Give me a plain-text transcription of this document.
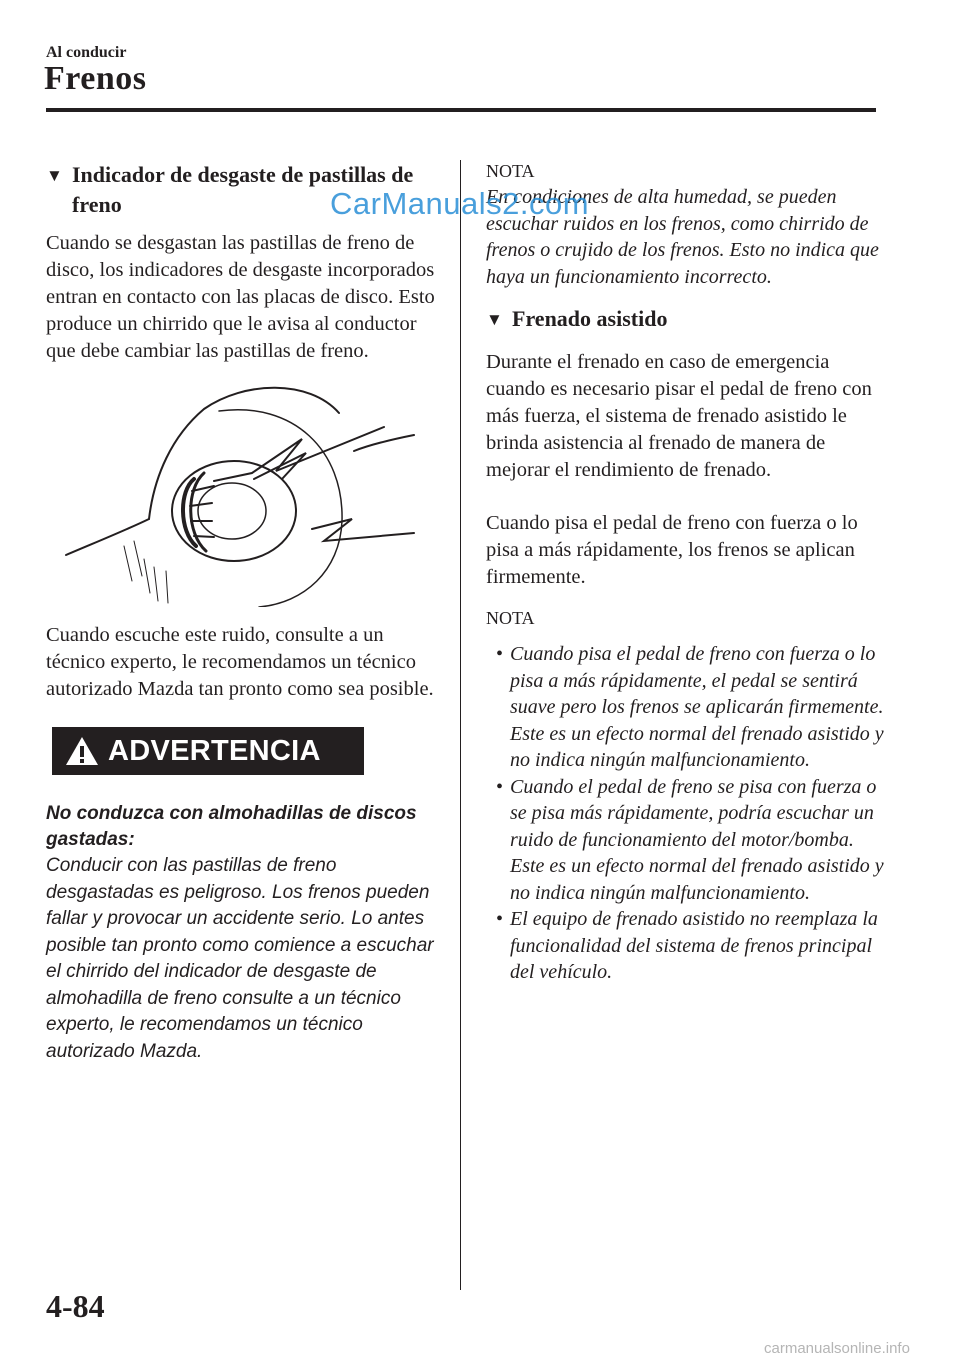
Al conducir
Frenos
▼ Indicador de desgaste de pastillas de freno

Cuando se desgastan las pastillas de freno de disco, los indicadores de desgaste incorporados entran en contacto con las placas de disco. Esto produce un chirrido que le avisa al conductor que debe cambiar las pastillas de freno.

Cuando escuche este ruido, consulte a un técnico experto, le recomendamos un técnico autorizado Mazda tan pronto como sea posible.

ADVERTENCIA

No conduzca con almohadillas de discos gastadas:

Conducir con las pastillas de freno desgastadas es peligroso. Los frenos pueden fallar y provocar un accidente serio. Lo antes posible tan pronto como comience a escuchar el chirrido del indicador de desgaste de almohadilla de freno consulte a un técnico experto, le recomendamos un técnico autorizado Mazda.

NOTA

En condiciones de alta humedad, se pueden escuchar ruidos en los frenos, como chirrido de frenos o crujido de los frenos. Esto no indica que haya un funcionamiento incorrecto.

▼ Frenado asistido

Durante el frenado en caso de emergencia cuando es necesario pisar el pedal de freno con más fuerza, el sistema de frenado asistido le brinda asistencia al frenado de manera de mejorar el rendimiento de frenado.

Cuando pisa el pedal de freno con fuerza o lo pisa a más rápidamente, los frenos se aplican firmemente.

NOTA
• Cuando pisa el pedal de freno con fuerza o lo pisa a más rápidamente, el pedal se sentirá suave pero los frenos se aplicarán firmemente. Este es un efecto normal del frenado asistido y no indica ningún malfuncionamiento.
• Cuando el pedal de freno se pisa con fuerza o se pisa más rápidamente, podría escuchar un ruido de funcionamiento del motor/bomba. Este es un efecto normal del frenado asistido y no indica ningún malfuncionamiento.
• El equipo de frenado asistido no reemplaza la funcionalidad del sistema de frenos principal del vehículo.
4-84
CarManuals2.com
carmanualsonline.info
